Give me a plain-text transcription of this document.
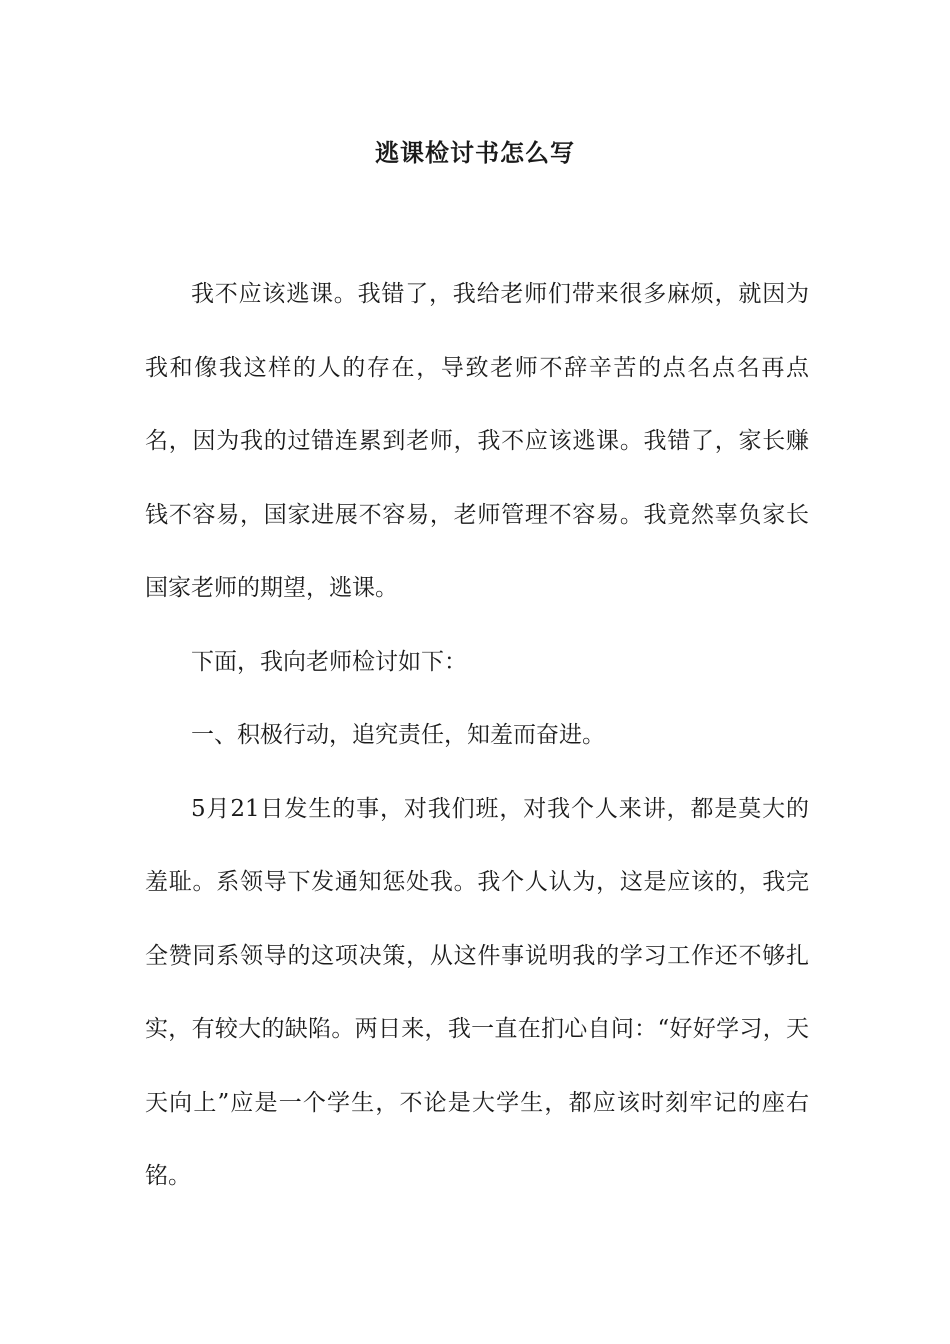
逃课检讨书怎么写

我不应该逃课。我错了，我给老师们带来很多麻烦，就因为我和像我这样的人的存在，导致老师不辞辛苦的点名点名再点名，因为我的过错连累到老师，我不应该逃课。我错了，家长赚钱不容易，国家进展不容易，老师管理不容易。我竟然辜负家长国家老师的期望，逃课。

下面，我向老师检讨如下：

一、积极行动，追究责任，知羞而奋进。

5月21日发生的事，对我们班，对我个人来讲，都是莫大的羞耻。系领导下发通知惩处我。我个人认为，这是应该的，我完全赞同系领导的这项决策，从这件事说明我的学习工作还不够扎实，有较大的缺陷。两日来，我一直在扪心自问：“好好学习，天天向上”应是一个学生，不论是大学生，都应该时刻牢记的座右铭。
